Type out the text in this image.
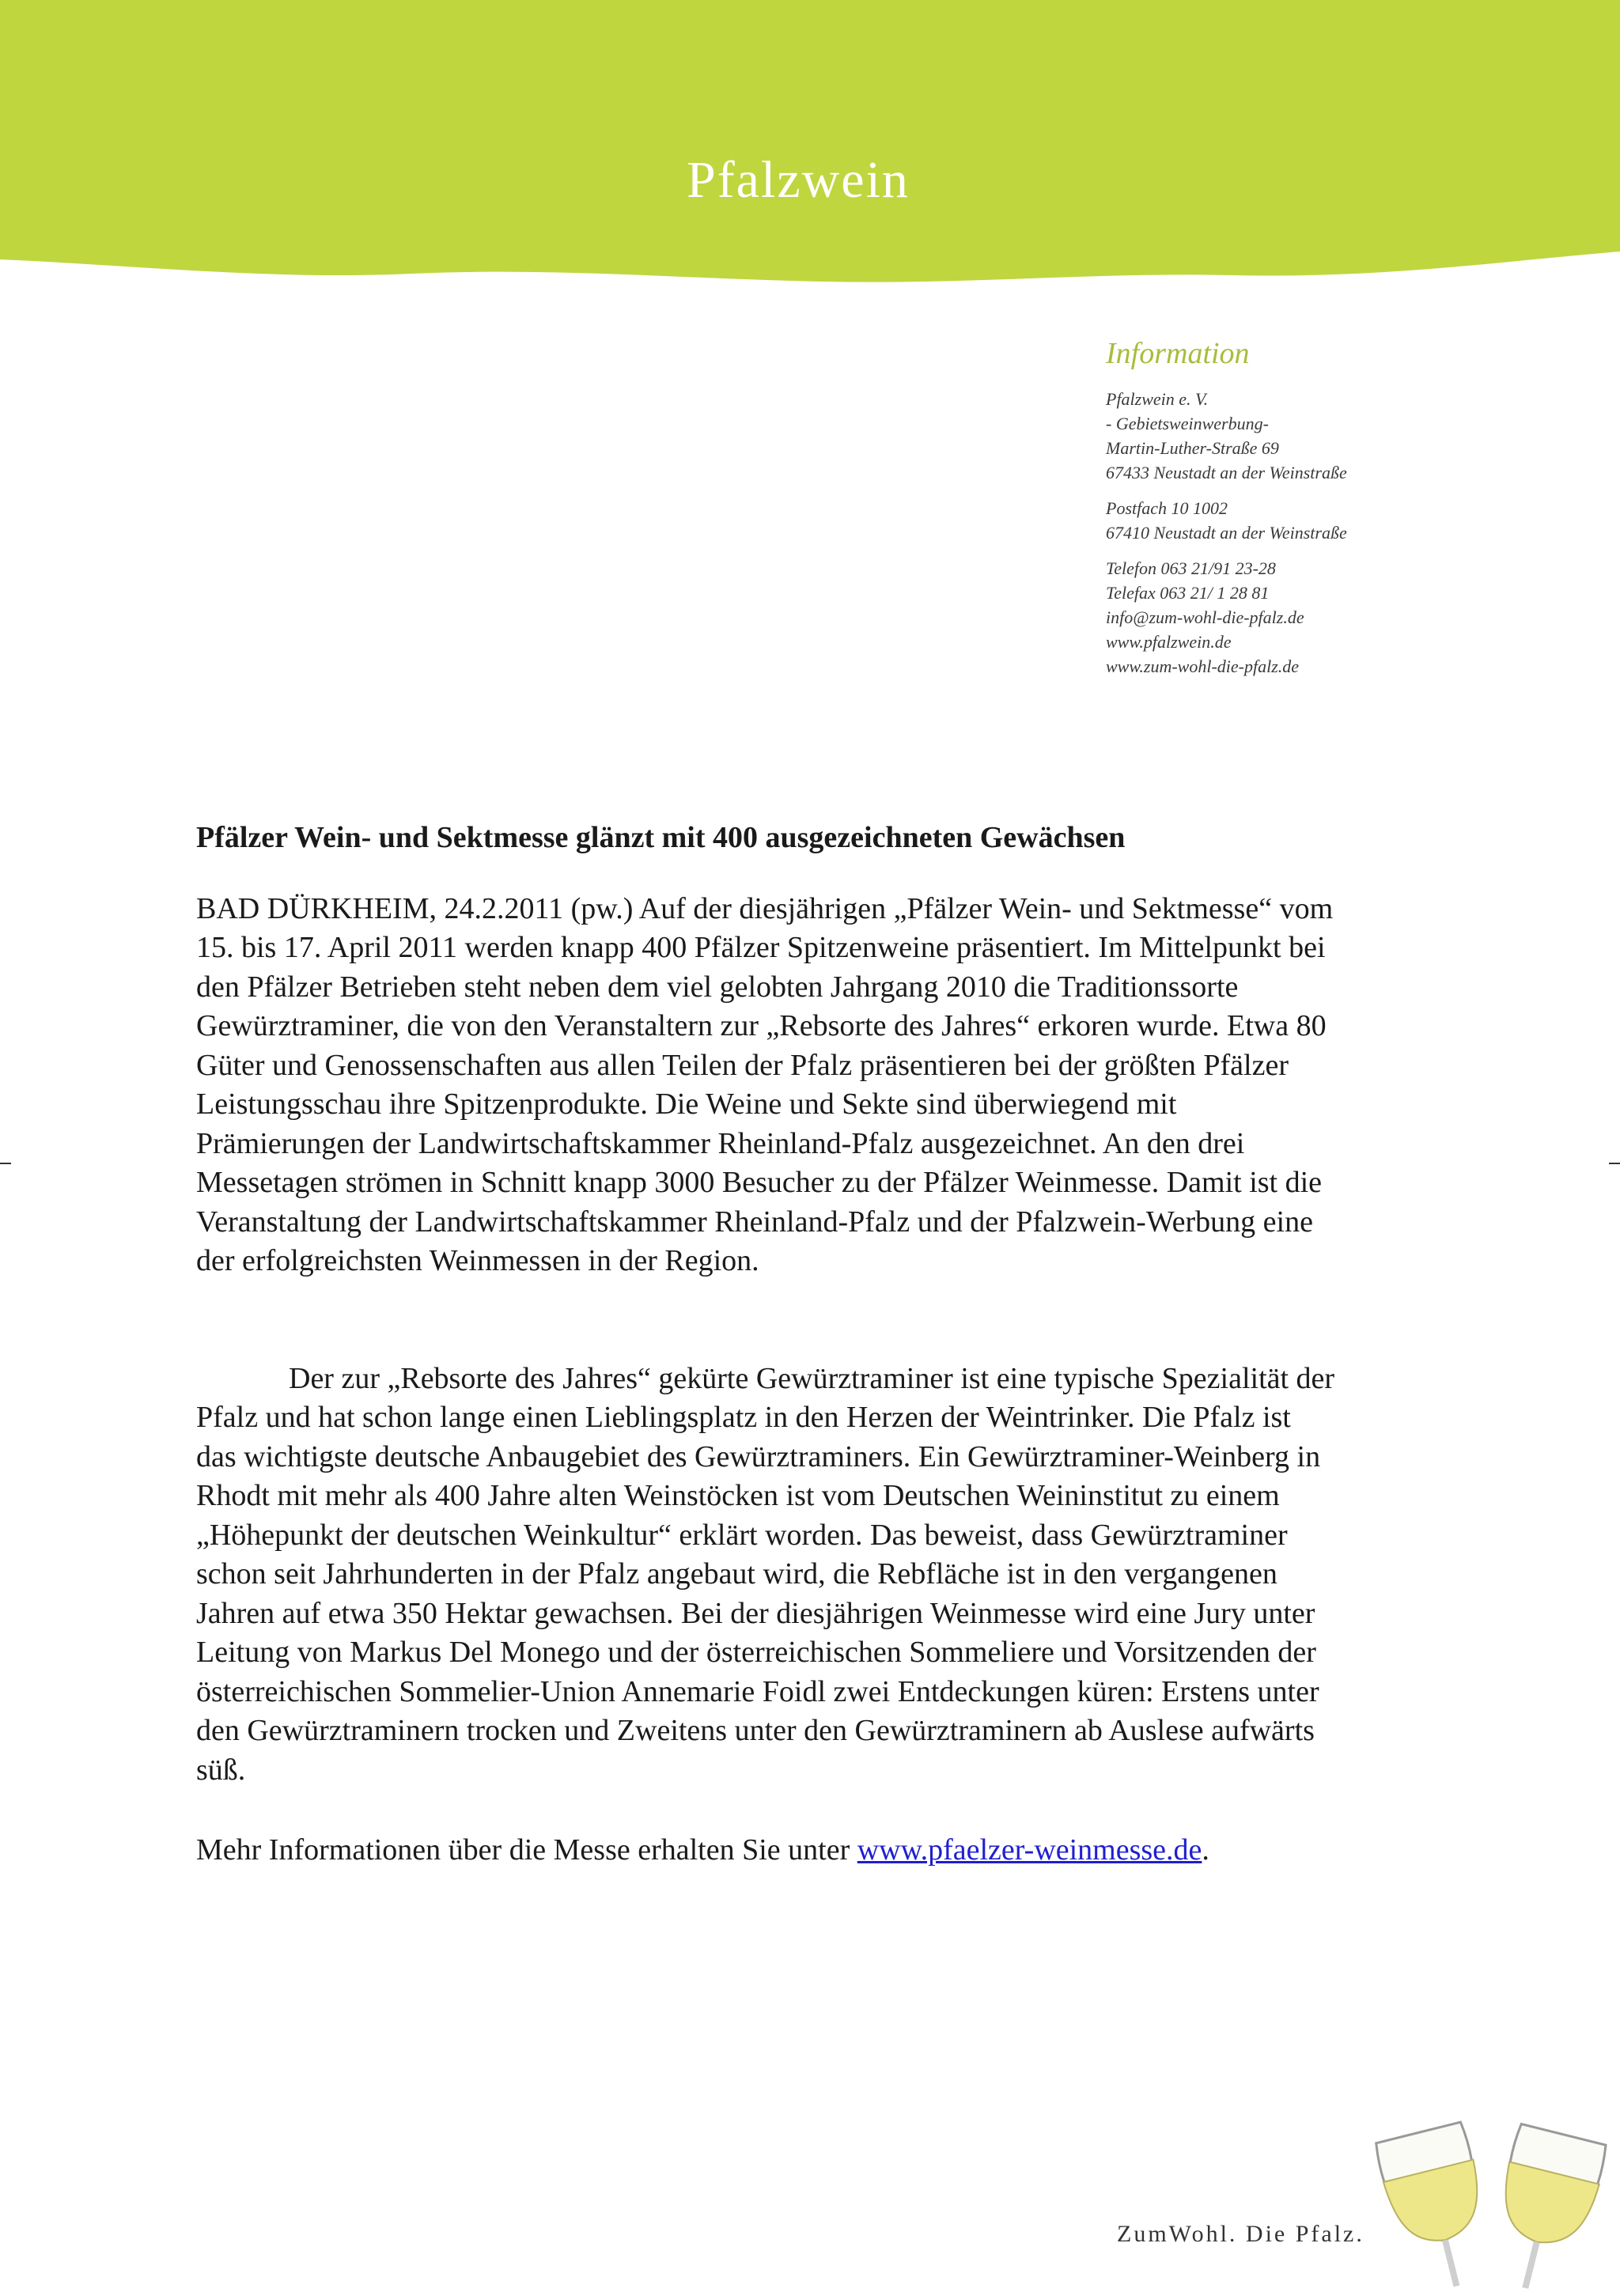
Pfalzwein
Information
Pfalzwein e. V.
- Gebietsweinwerbung-
Martin-Luther-Straße 69
67433 Neustadt an der Weinstraße
Postfach 10 1002
67410 Neustadt an der Weinstraße
Telefon 063 21/91 23-28
Telefax 063 21/ 1 28 81
info@zum-wohl-die-pfalz.de
www.pfalzwein.de
www.zum-wohl-die-pfalz.de

Pfälzer Wein- und Sektmesse glänzt mit 400 ausgezeichneten Gewächsen

BAD DÜRKHEIM, 24.2.2011 (pw.) Auf der diesjährigen „Pfälzer Wein- und Sektmesse“ vom 15. bis 17. April 2011 werden knapp 400 Pfälzer Spitzenweine präsentiert. Im Mittelpunkt bei den Pfälzer Betrieben steht neben dem viel gelobten Jahrgang 2010 die Traditionssorte Gewürztraminer, die von den Veranstaltern zur „Rebsorte des Jahres“ erkoren wurde. Etwa 80 Güter und Genossenschaften aus allen Teilen der Pfalz präsentieren bei der größten Pfälzer Leistungsschau ihre Spitzenprodukte. Die Weine und Sekte sind überwiegend mit Prämierungen der Landwirtschaftskammer Rheinland-Pfalz ausgezeichnet. An den drei Messetagen strömen in Schnitt knapp 3000 Besucher zu der Pfälzer Weinmesse. Damit ist die Veranstaltung der Landwirtschaftskammer Rheinland-Pfalz und der Pfalzwein-Werbung eine der erfolgreichsten Weinmessen in der Region.

Der zur „Rebsorte des Jahres“ gekürte Gewürztraminer ist eine typische Spezialität der Pfalz und hat schon lange einen Lieblingsplatz in den Herzen der Weintrinker. Die Pfalz ist das wichtigste deutsche Anbaugebiet des Gewürztraminers. Ein Gewürztraminer-Weinberg in Rhodt mit mehr als 400 Jahre alten Weinstöcken ist vom Deutschen Weininstitut zu einem „Höhepunkt der deutschen Weinkultur“ erklärt worden. Das beweist, dass Gewürztraminer schon seit Jahrhunderten in der Pfalz angebaut wird, die Rebfläche ist in den vergangenen Jahren auf etwa 350 Hektar gewachsen. Bei der diesjährigen Weinmesse wird eine Jury unter Leitung von Markus Del Monego und der österreichischen Sommeliere und Vorsitzenden der österreichischen Sommelier-Union Annemarie Foidl zwei Entdeckungen küren: Erstens unter den Gewürztraminern trocken und Zweitens unter den Gewürztraminern ab Auslese aufwärts süß.

Mehr Informationen über die Messe erhalten Sie unter www.pfaelzer-weinmesse.de.

ZumWohl. Die Pfalz.
